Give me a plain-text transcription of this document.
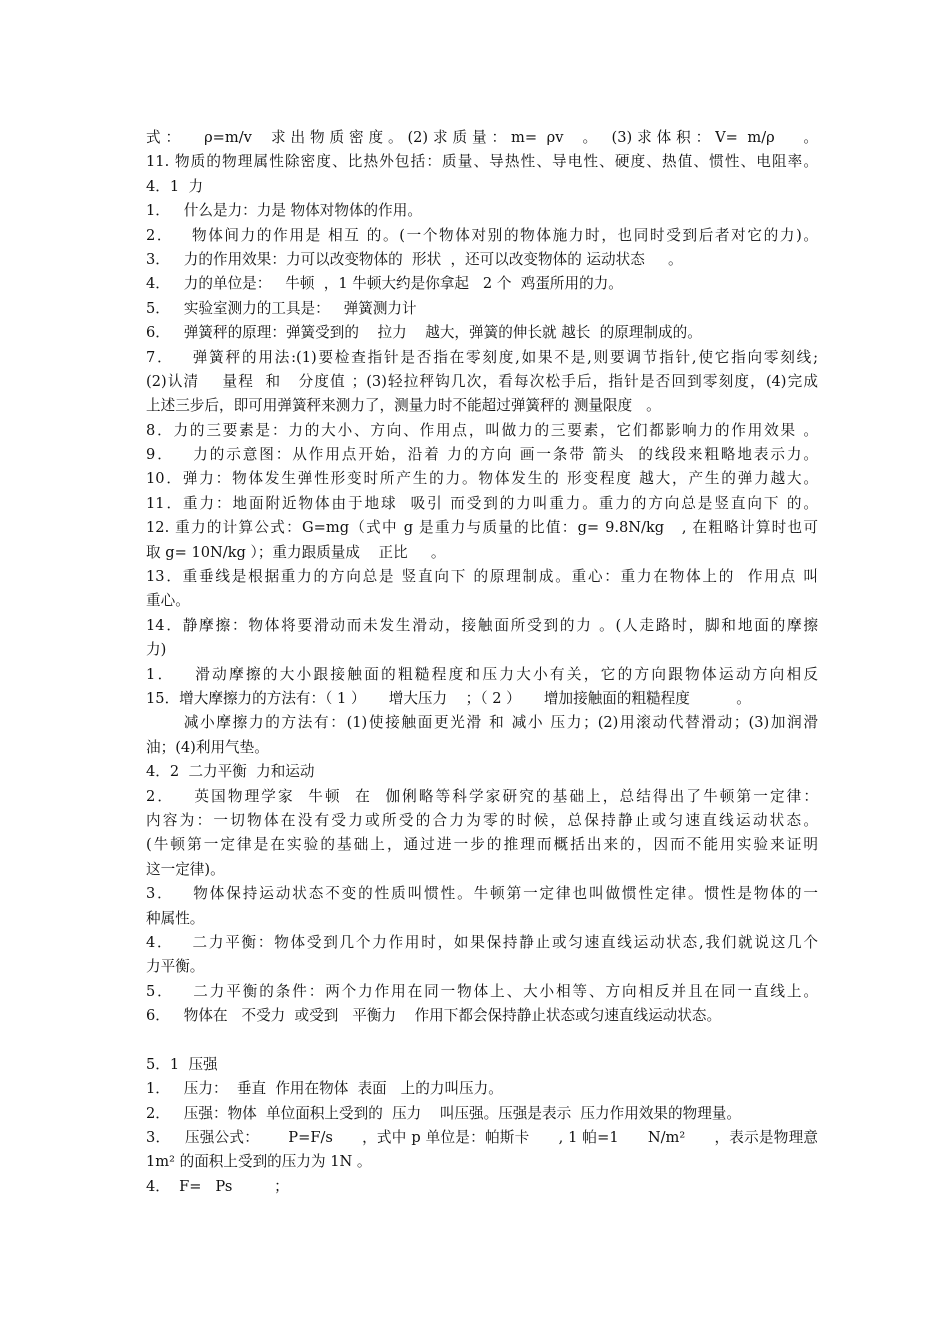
式：  ρ=m/v  求出物质密度。(2)求质量：m= ρv  。 (3)求体积：V= m/ρ   。
11. 物质的物理属性除密度、比热外包括：质量、导热性、导电性、硬度、热值、惯性、电阻率。
4．1  力
1．   什么是力：力是 物体对物体的作用。
2．   物体间力的作用是 相互 的。(一个物体对别的物体施力时，也同时受到后者对它的力)。
3．   力的作用效果：力可以改变物体的  形状  ，还可以改变物体的 运动状态     。
4．   力的单位是：   牛顿  ，1 牛顿大约是你拿起   2 个  鸡蛋所用的力。
5．   实验室测力的工具是：   弹簧测力计
6．   弹簧秤的原理：弹簧受到的    拉力    越大，弹簧的伸长就 越长  的原理制成的。
7．   弹簧秤的用法:(1)要检查指针是否指在零刻度,如果不是,则要调节指针,使它指向零刻线;
(2)认清    量程  和   分度值 ；(3)轻拉秤钩几次，看每次松手后，指针是否回到零刻度，(4)完成
上述三步后，即可用弹簧秤来测力了，测量力时不能超过弹簧秤的 测量限度   。
8．力的三要素是：力的大小、方向、作用点，叫做力的三要素，它们都影响力的作用效果 。
9．   力的示意图：从作用点开始，沿着 力的方向 画一条带 箭头  的线段来粗略地表示力。
10．弹力：物体发生弹性形变时所产生的力。物体发生的 形变程度 越大，产生的弹力越大。
11．重力：地面附近物体由于地球  吸引 而受到的力叫重力。重力的方向总是竖直向下 的。
12. 重力的计算公式：G=mg（式中 g 是重力与质量的比值：g= 9.8N/kg   , 在粗略计算时也可
取 g= 10N/kg ）；重力跟质量成    正比     。
13．重垂线是根据重力的方向总是 竖直向下 的原理制成。重心：重力在物体上的  作用点 叫
重心。
14．静摩擦：物体将要滑动而未发生滑动，接触面所受到的力 。(人走路时，脚和地面的摩擦
力)
1．   滑动摩擦的大小跟接触面的粗糙程度和压力大小有关，它的方向跟物体运动方向相反
15．增大摩擦力的方法有：（ 1 ）     增大压力    ；（ 2 ）     增加接触面的粗糙程度          。
减小摩擦力的方法有：(1)使接触面更光滑 和 减小 压力；(2)用滚动代替滑动；(3)加润滑
油；(4)利用气垫。
4．2  二力平衡  力和运动
2．   英国物理学家  牛顿  在  伽俐略等科学家研究的基础上，总结得出了牛顿第一定律：
内容为：一切物体在没有受力或所受的合力为零的时候，总保持静止或匀速直线运动状态。
(牛顿第一定律是在实验的基础上，通过进一步的推理而概括出来的，因而不能用实验来证明
这一定律)。
3．   物体保持运动状态不变的性质叫惯性。牛顿第一定律也叫做惯性定律。惯性是物体的一
种属性。
4．   二力平衡：物体受到几个力作用时，如果保持静止或匀速直线运动状态,我们就说这几个
力平衡。
5．   二力平衡的条件：两个力作用在同一物体上、大小相等、方向相反并且在同一直线上。
6．   物体在   不受力  或受到   平衡力    作用下都会保持静止状态或匀速直线运动状态。
5．1  压强
1．   压力：  垂直  作用在物体  表面   上的力叫压力。
2．   压强：物体  单位面积上受到的  压力    叫压强。压强是表示  压力作用效果的物理量。
3．   压强公式：      P=F/s      ，式中 p 单位是：帕斯卡      , 1 帕=1      N/m²      ，表示是物理意
1m² 的面积上受到的压力为 1N 。
4．  F=   Ps         ；
